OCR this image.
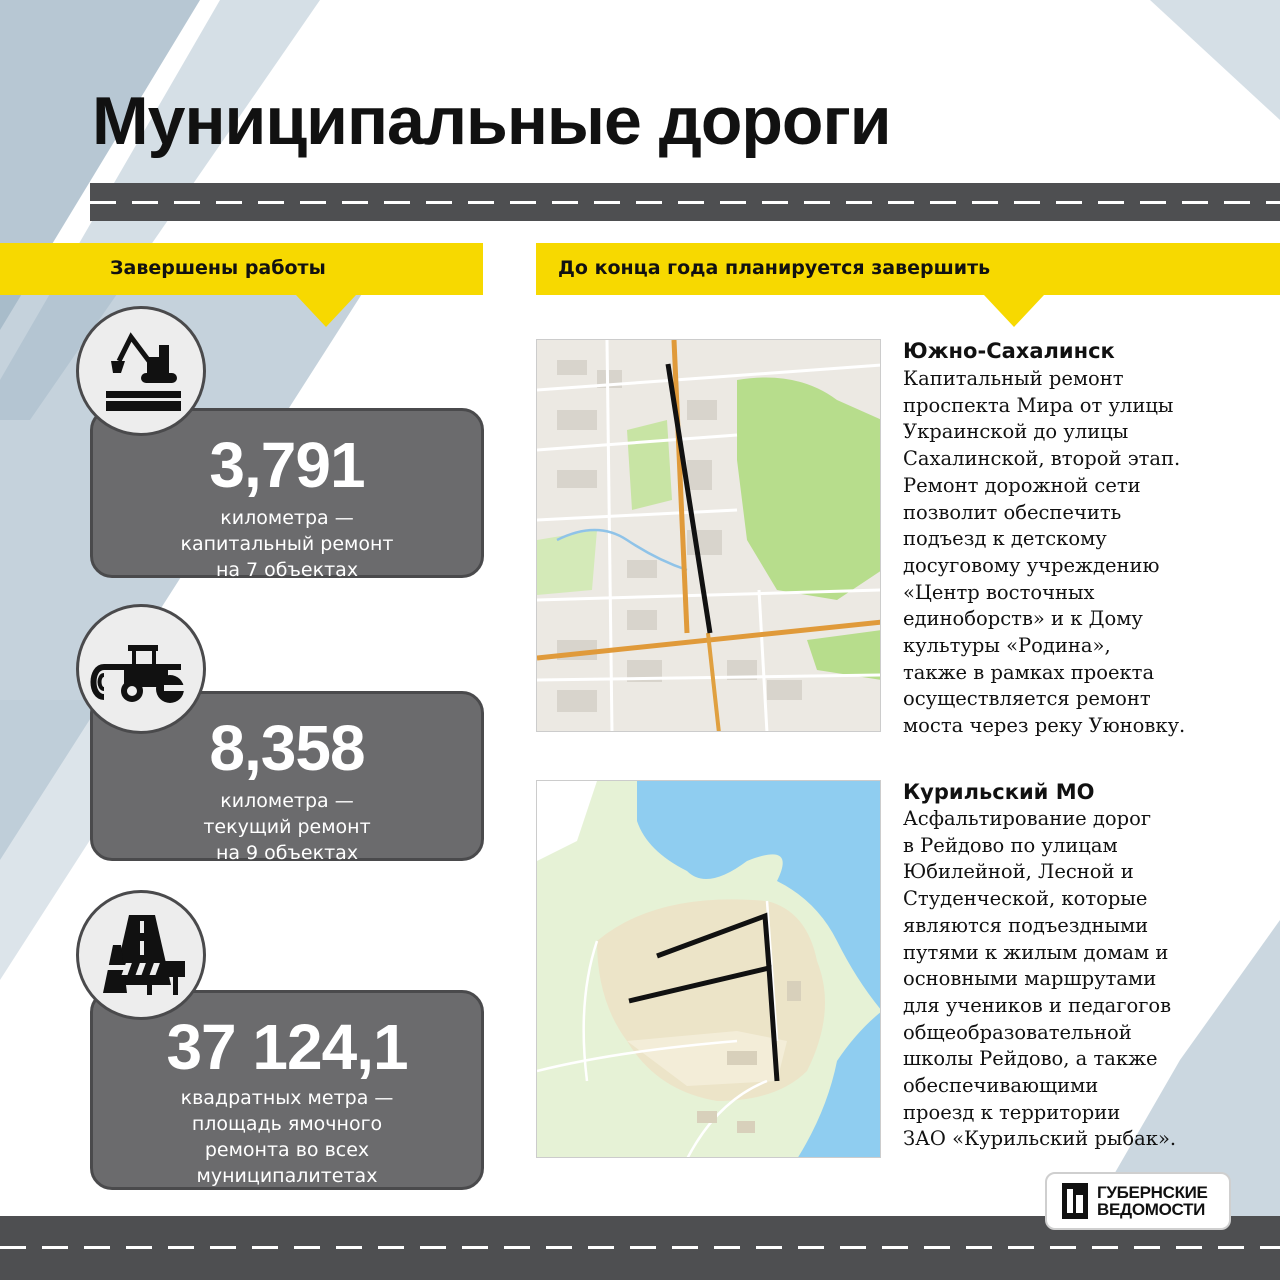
Муниципальные дороги
Завершены работы	До конца года планируется завершить
3,791
километра —
капитальный ремонт
на 7 объектах
8,358
километра —
текущий ремонт
на 9 объектах
37 124,1
квадратных метра —
площадь ямочного
ремонта во всех
муниципалитетах
Южно-Сахалинск
Капитальный ремонт
проспекта Мира от улицы
Украинской до улицы
Сахалинской, второй этап.
Ремонт дорожной сети
позволит обеспечить
подъезд к детскому
досуговому учреждению
«Центр восточных
единоборств» и к Дому
культуры «Родина»,
также в рамках проекта
осуществляется ремонт
моста через реку Уюновку.
Курильский МО
Асфальтирование дорог
в Рейдово по улицам
Юбилейной, Лесной и
Студенческой, которые
являются подъездными
путями к жилым домам и
основными маршрутами
для учеников и педагогов
общеобразовательной
школы Рейдово, а также
обеспечивающими
проезд к территории
ЗАО «Курильский рыбак».
ГУБЕРНСКИЕ
ВЕДОМОСТИ
